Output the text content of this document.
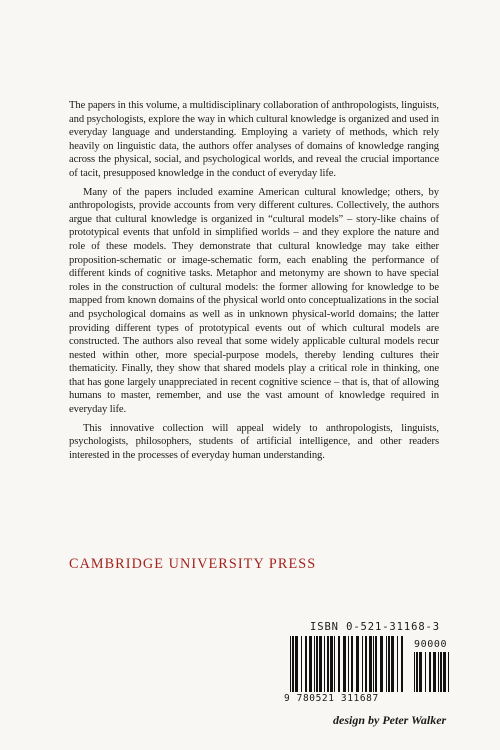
The papers in this volume, a multidisciplinary collaboration of anthropologists, linguists, and psychologists, explore the way in which cultural knowledge is organized and used in everyday language and understanding. Employing a variety of methods, which rely heavily on linguistic data, the authors offer analyses of domains of knowledge ranging across the physical, social, and psychological worlds, and reveal the crucial importance of tacit, presupposed knowledge in the conduct of everyday life.

Many of the papers included examine American cultural knowledge; others, by anthropologists, provide accounts from very different cultures. Collectively, the authors argue that cultural knowledge is organized in “cultural models” – story-like chains of prototypical events that unfold in simplified worlds – and they explore the nature and role of these models. They demonstrate that cultural knowledge may take either proposition-schematic or image-schematic form, each enabling the performance of different kinds of cognitive tasks. Metaphor and metonymy are shown to have special roles in the construction of cultural models: the former allowing for knowledge to be mapped from known domains of the physical world onto conceptualizations in the social and psychological domains as well as in unknown physical-world domains; the latter providing different types of prototypical events out of which cultural models are constructed. The authors also reveal that some widely applicable cultural models recur nested within other, more special-purpose models, thereby lending cultures their thematicity. Finally, they show that shared models play a critical role in thinking, one that has gone largely unappreciated in recent cognitive science – that is, that of allowing humans to master, remember, and use the vast amount of knowledge required in everyday life.

This innovative collection will appeal widely to anthropologists, linguists, psychologists, philosophers, students of artificial intelligence, and other readers interested in the processes of everyday human understanding.

CAMBRIDGE UNIVERSITY PRESS
ISBN 0-521-31168-3
90000
9 780521 311687
design by Peter Walker
